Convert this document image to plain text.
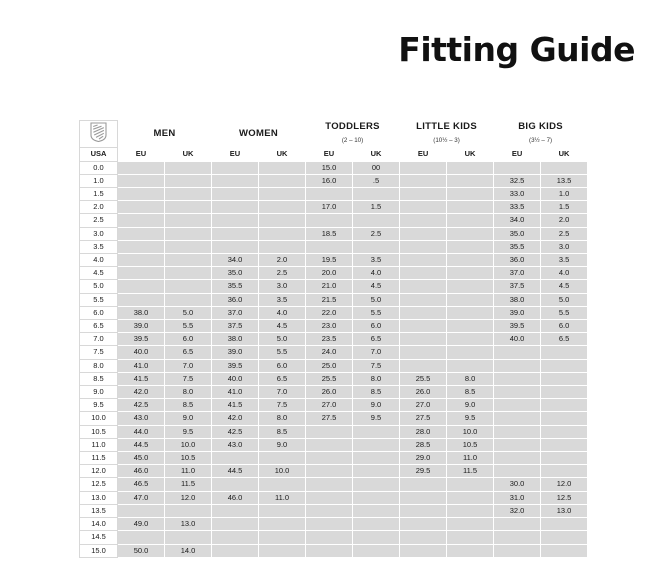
Fitting Guide
	MEN		WOMEN		TODDLERS
(2 – 10)		LITTLE KIDS
(10½ – 3)		BIG KIDS
(3½ – 7)	

USA	EU	UK	EU	UK	EU	UK	EU	UK	EU	UK
0.0					15.0	00				
1.0					16.0	.5			32.5	13.5
1.5									33.0	1.0
2.0					17.0	1.5			33.5	1.5
2.5									34.0	2.0
3.0					18.5	2.5			35.0	2.5
3.5									35.5	3.0
4.0			34.0	2.0	19.5	3.5			36.0	3.5
4.5			35.0	2.5	20.0	4.0			37.0	4.0
5.0			35.5	3.0	21.0	4.5			37.5	4.5
5.5			36.0	3.5	21.5	5.0			38.0	5.0
6.0	38.0	5.0	37.0	4.0	22.0	5.5			39.0	5.5
6.5	39.0	5.5	37.5	4.5	23.0	6.0			39.5	6.0
7.0	39.5	6.0	38.0	5.0	23.5	6.5			40.0	6.5
7.5	40.0	6.5	39.0	5.5	24.0	7.0				
8.0	41.0	7.0	39.5	6.0	25.0	7.5				
8.5	41.5	7.5	40.0	6.5	25.5	8.0	25.5	8.0		
9.0	42.0	8.0	41.0	7.0	26.0	8.5	26.0	8.5		
9.5	42.5	8.5	41.5	7.5	27.0	9.0	27.0	9.0		
10.0	43.0	9.0	42.0	8.0	27.5	9.5	27.5	9.5		
10.5	44.0	9.5	42.5	8.5			28.0	10.0		
11.0	44.5	10.0	43.0	9.0			28.5	10.5		
11.5	45.0	10.5					29.0	11.0		
12.0	46.0	11.0	44.5	10.0			29.5	11.5		
12.5	46.5	11.5							30.0	12.0
13.0	47.0	12.0	46.0	11.0					31.0	12.5
13.5									32.0	13.0
14.0	49.0	13.0								
14.5										
15.0	50.0	14.0								
